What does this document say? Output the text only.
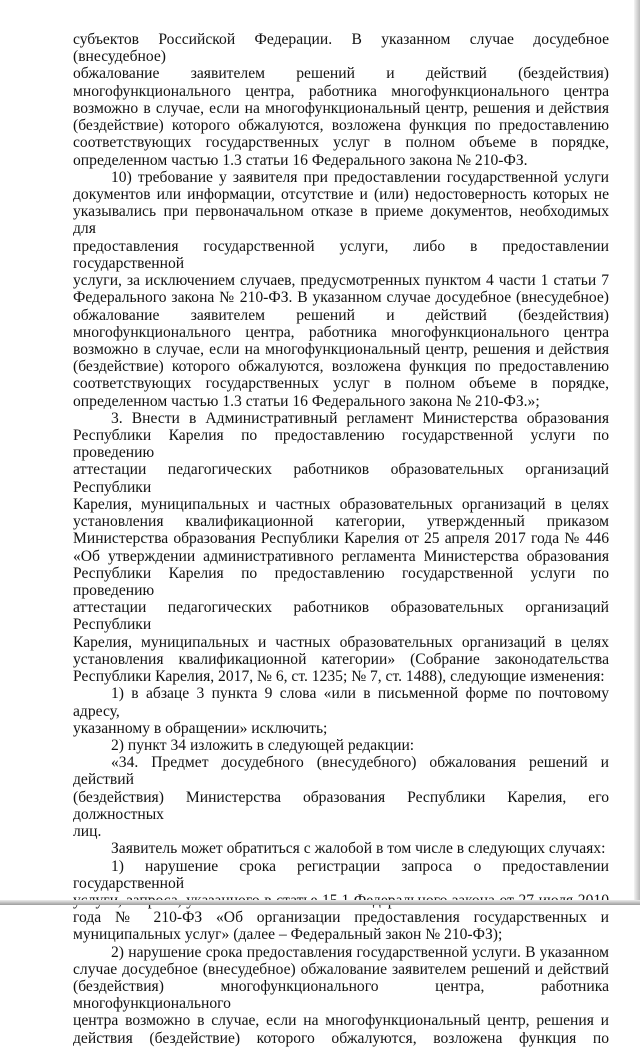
субъектов Российской Федерации. В указанном случае досудебное (внесудебное)
обжалование заявителем решений и действий (бездействия)
многофункционального центра, работника многофункционального центра
возможно в случае, если на многофункциональный центр, решения и действия
(бездействие) которого обжалуются, возложена функция по предоставлению
соответствующих государственных услуг в полном объеме в порядке,
определенном частью 1.3 статьи 16 Федерального закона № 210-ФЗ.

10) требование у заявителя при предоставлении государственной услуги
документов или информации, отсутствие и (или) недостоверность которых не
указывались при первоначальном отказе в приеме документов, необходимых для
предоставления государственной услуги, либо в предоставлении государственной
услуги, за исключением случаев, предусмотренных пунктом 4 части 1 статьи 7
Федерального закона № 210-ФЗ. В указанном случае досудебное (внесудебное)
обжалование заявителем решений и действий (бездействия)
многофункционального центра, работника многофункционального центра
возможно в случае, если на многофункциональный центр, решения и действия
(бездействие) которого обжалуются, возложена функция по предоставлению
соответствующих государственных услуг в полном объеме в порядке,
определенном частью 1.3 статьи 16 Федерального закона № 210-ФЗ.»;

3. Внести в Административный регламент Министерства образования
Республики Карелия по предоставлению государственной услуги по проведению
аттестации педагогических работников образовательных организаций Республики
Карелия, муниципальных и частных образовательных организаций в целях
установления квалификационной категории, утвержденный приказом
Министерства образования Республики Карелия от 25 апреля 2017 года № 446
«Об утверждении административного регламента Министерства образования
Республики Карелия по предоставлению государственной услуги по проведению
аттестации педагогических работников образовательных организаций Республики
Карелия, муниципальных и частных образовательных организаций в целях
установления квалификационной категории» (Собрание законодательства
Республики Карелия, 2017, № 6, ст. 1235; № 7, ст. 1488), следующие изменения:

1) в абзаце 3 пункта 9 слова «или в письменной форме по почтовому адресу,
указанному в обращении» исключить;

2) пункт 34 изложить в следующей редакции:

«34. Предмет досудебного (внесудебного) обжалования решений и действий
(бездействия) Министерства образования Республики Карелия, его должностных
лиц.

Заявитель может обратиться с жалобой в том числе в следующих случаях:

1) нарушение срока регистрации запроса о предоставлении государственной
года № 210-ФЗ «Об организации предоставления государственных и
муниципальных услуг» (далее – Федеральный закон № 210-ФЗ);

2) нарушение срока предоставления государственной услуги. В указанном
случае досудебное (внесудебное) обжалование заявителем решений и действий
(бездействия) многофункционального центра, работника многофункционального
центра возможно в случае, если на многофункциональный центр, решения и
действия (бездействие) которого обжалуются, возложена функция по
